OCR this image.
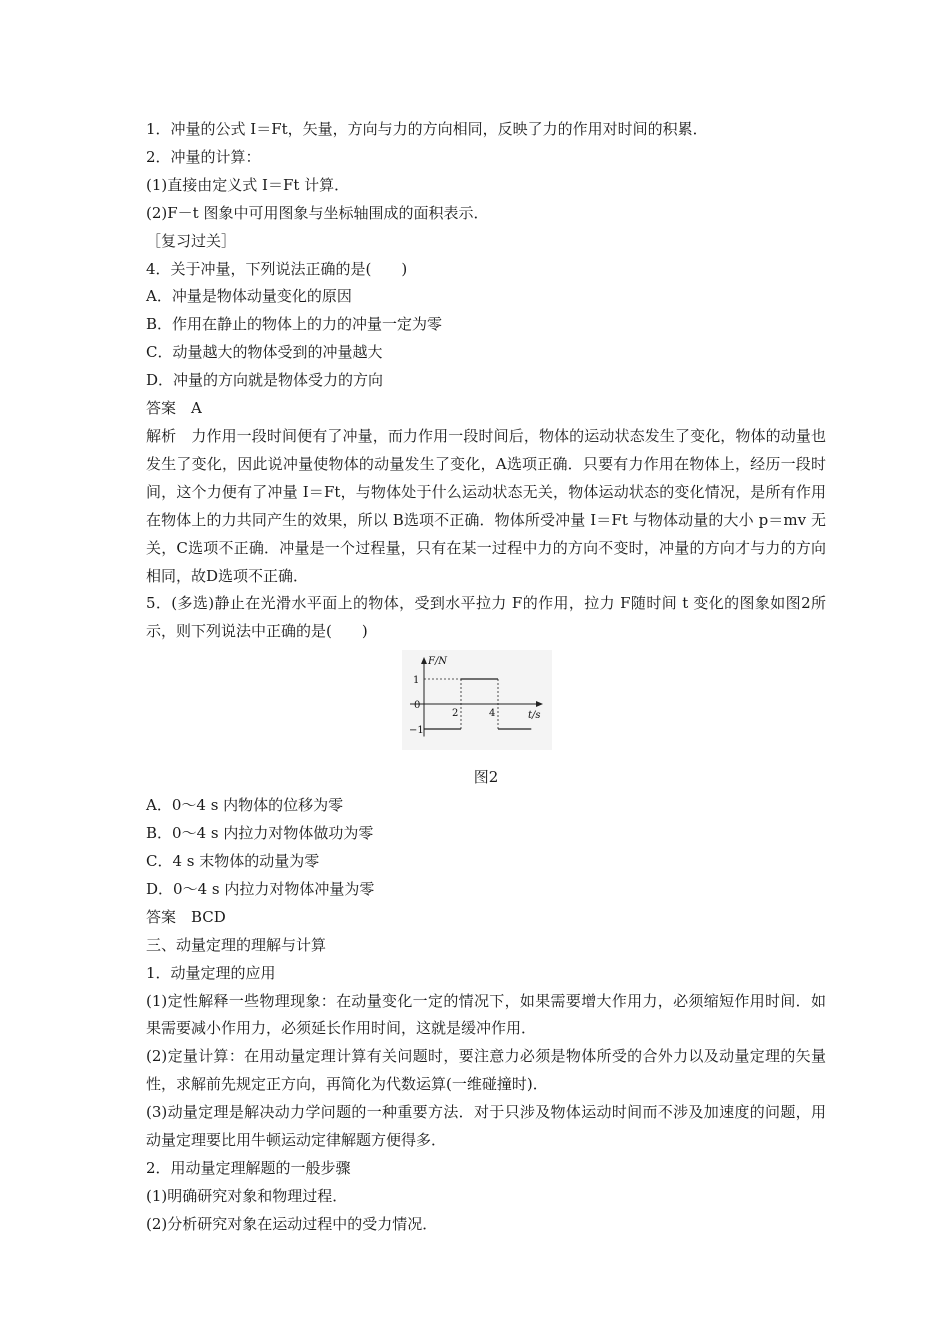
1．冲量的公式 I＝Ft，矢量，方向与力的方向相同，反映了力的作用对时间的积累．
2．冲量的计算：
(1)直接由定义式 I＝Ft 计算．
(2)F－t 图象中可用图象与坐标轴围成的面积表示．
［复习过关］
4．关于冲量，下列说法正确的是(　　)
A．冲量是物体动量变化的原因
B．作用在静止的物体上的力的冲量一定为零
C．动量越大的物体受到的冲量越大
D．冲量的方向就是物体受力的方向
答案　A
解析　力作用一段时间便有了冲量，而力作用一段时间后，物体的运动状态发生了变化，物体的动量也发生了变化，因此说冲量使物体的动量发生了变化，A选项正确．只要有力作用在物体上，经历一段时间，这个力便有了冲量 I＝Ft，与物体处于什么运动状态无关，物体运动状态的变化情况，是所有作用在物体上的力共同产生的效果，所以 B选项不正确．物体所受冲量 I＝Ft 与物体动量的大小 p＝mv 无关，C选项不正确．冲量是一个过程量，只有在某一过程中力的方向不变时，冲量的方向才与力的方向相同，故D选项不正确．
5．(多选)静止在光滑水平面上的物体，受到水平拉力 F的作用，拉力 F随时间 t 变化的图象如图2所示，则下列说法中正确的是(　　)
F/N
t/s
0
1
−1
2	4
图2
A．0～4 s 内物体的位移为零
B．0～4 s 内拉力对物体做功为零
C．4 s 末物体的动量为零
D．0～4 s 内拉力对物体冲量为零
答案　BCD
三、动量定理的理解与计算
1．动量定理的应用
(1)定性解释一些物理现象：在动量变化一定的情况下，如果需要增大作用力，必须缩短作用时间．如果需要减小作用力，必须延长作用时间，这就是缓冲作用．
(2)定量计算：在用动量定理计算有关问题时，要注意力必须是物体所受的合外力以及动量定理的矢量性，求解前先规定正方向，再简化为代数运算(一维碰撞时)．
(3)动量定理是解决动力学问题的一种重要方法．对于只涉及物体运动时间而不涉及加速度的问题，用动量定理要比用牛顿运动定律解题方便得多．
2．用动量定理解题的一般步骤
(1)明确研究对象和物理过程．
(2)分析研究对象在运动过程中的受力情况．
